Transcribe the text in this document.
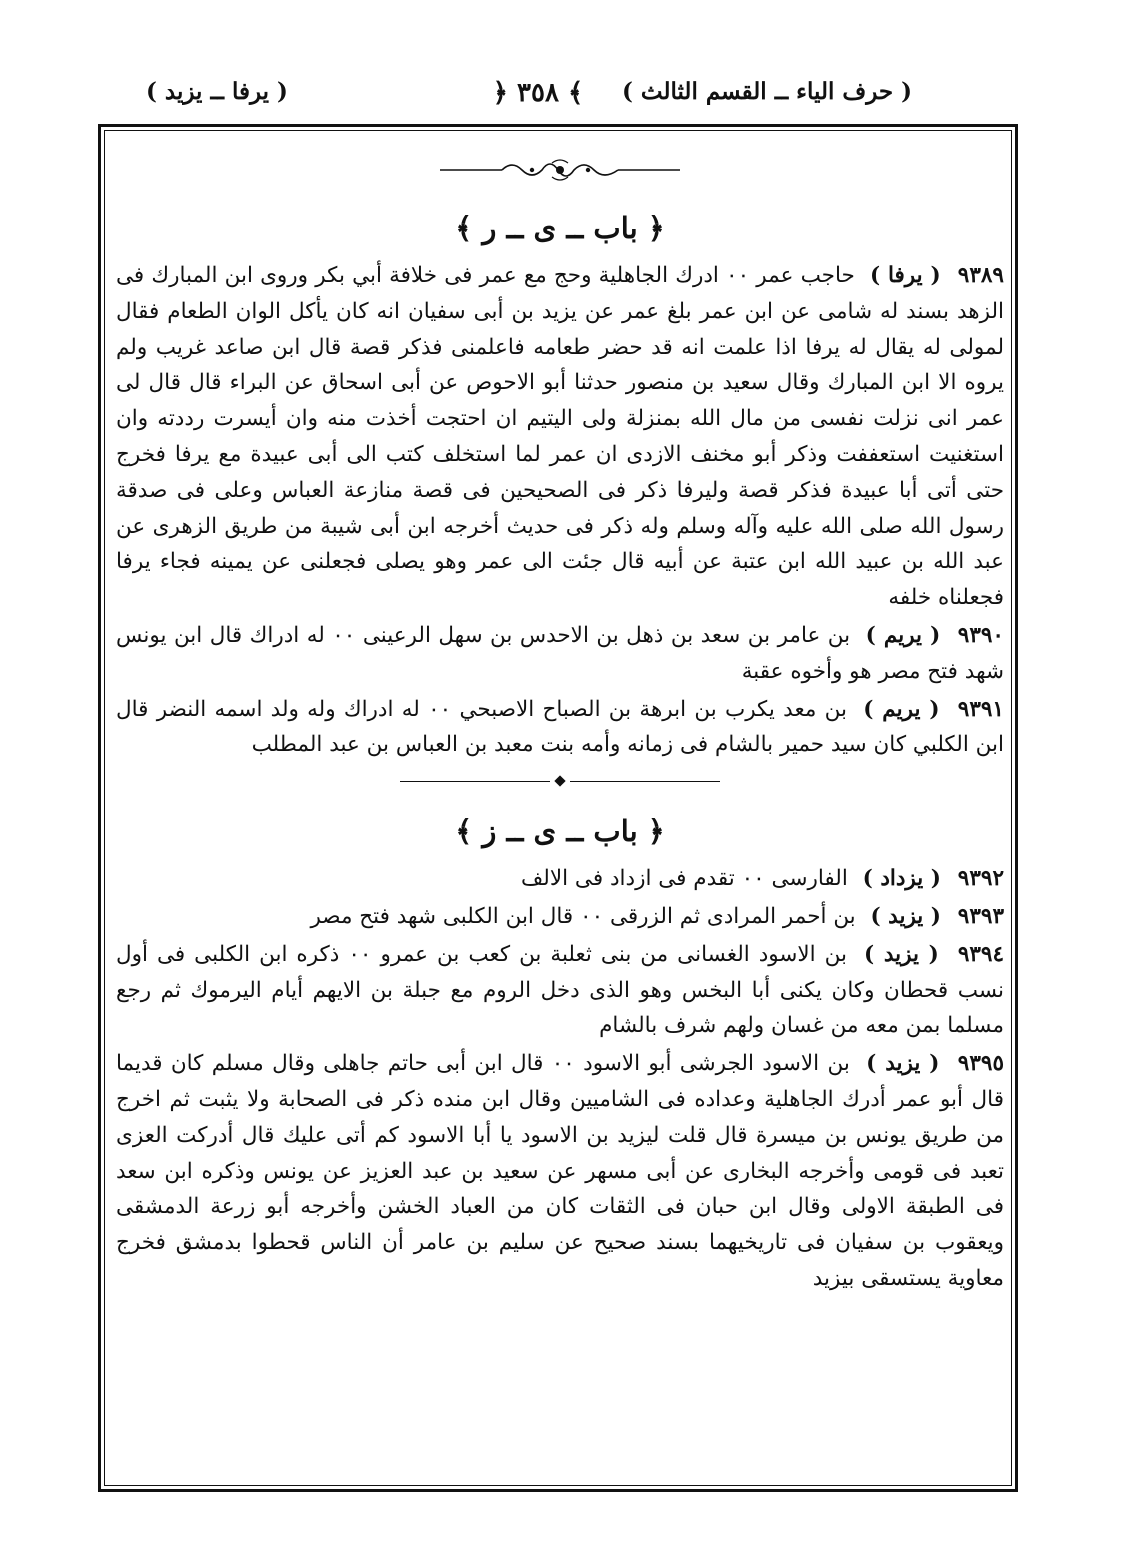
( حرف الياء ــ القسم الثالث )
﴿ ٣٥٨ ﴾
( يرفا ــ يزيد )
﴿ باب ــ ى ــ ر ﴾

٩٣٨٩ ( يرفا ) حاجب عمر ٠٠ ادرك الجاهلية وحج مع عمر فى خلافة أبي بكر وروى ابن المبارك فى الزهد بسند له شامى عن ابن عمر بلغ عمر عن يزيد بن أبى سفيان انه كان يأكل الوان الطعام فقال لمولى له يقال له يرفا اذا علمت انه قد حضر طعامه فاعلمنى فذكر قصة قال ابن صاعد غريب ولم يروه الا ابن المبارك وقال سعيد بن منصور حدثنا أبو الاحوص عن أبى اسحاق عن البراء قال قال لى عمر انى نزلت نفسى من مال الله بمنزلة ولى اليتيم ان احتجت أخذت منه وان أيسرت رددته وان استغنيت استعففت وذكر أبو مخنف الازدى ان عمر لما استخلف كتب الى أبى عبيدة مع يرفا فخرج حتى أتى أبا عبيدة فذكر قصة وليرفا ذكر فى الصحيحين فى قصة منازعة العباس وعلى فى صدقة رسول الله صلى الله عليه وآله وسلم وله ذكر فى حديث أخرجه ابن أبى شيبة من طريق الزهرى عن عبد الله بن عبيد الله ابن عتبة عن أبيه قال جئت الى عمر وهو يصلى فجعلنى عن يمينه فجاء يرفا فجعلناه خلفه

٩٣٩٠ ( يريم ) بن عامر بن سعد بن ذهل بن الاحدس بن سهل الرعينى ٠٠ له ادراك قال ابن يونس شهد فتح مصر هو وأخوه عقبة

٩٣٩١ ( يريم ) بن معد يكرب بن ابرهة بن الصباح الاصبحي ٠٠ له ادراك وله ولد اسمه النضر قال ابن الكلبي كان سيد حمير بالشام فى زمانه وأمه بنت معبد بن العباس بن عبد المطلب

﴿ باب ــ ى ــ ز ﴾

٩٣٩٢ ( يزداد ) الفارسى ٠٠ تقدم فى ازداد فى الالف

٩٣٩٣ ( يزيد ) بن أحمر المرادى ثم الزرقى ٠٠ قال ابن الكلبى شهد فتح مصر

٩٣٩٤ ( يزيد ) بن الاسود الغسانى من بنى ثعلبة بن كعب بن عمرو ٠٠ ذكره ابن الكلبى فى أول نسب قحطان وكان يكنى أبا البخس وهو الذى دخل الروم مع جبلة بن الايهم أيام اليرموك ثم رجع مسلما بمن معه من غسان ولهم شرف بالشام

٩٣٩٥ ( يزيد ) بن الاسود الجرشى أبو الاسود ٠٠ قال ابن أبى حاتم جاهلى وقال مسلم كان قديما قال أبو عمر أدرك الجاهلية وعداده فى الشاميين وقال ابن منده ذكر فى الصحابة ولا يثبت ثم اخرج من طريق يونس بن ميسرة قال قلت ليزيد بن الاسود يا أبا الاسود كم أتى عليك قال أدركت العزى تعبد فى قومى وأخرجه البخارى عن أبى مسهر عن سعيد بن عبد العزيز عن يونس وذكره ابن سعد فى الطبقة الاولى وقال ابن حبان فى الثقات كان من العباد الخشن وأخرجه أبو زرعة الدمشقى ويعقوب بن سفيان فى تاريخيهما بسند صحيح عن سليم بن عامر أن الناس قحطوا بدمشق فخرج معاوية يستسقى بيزيد
